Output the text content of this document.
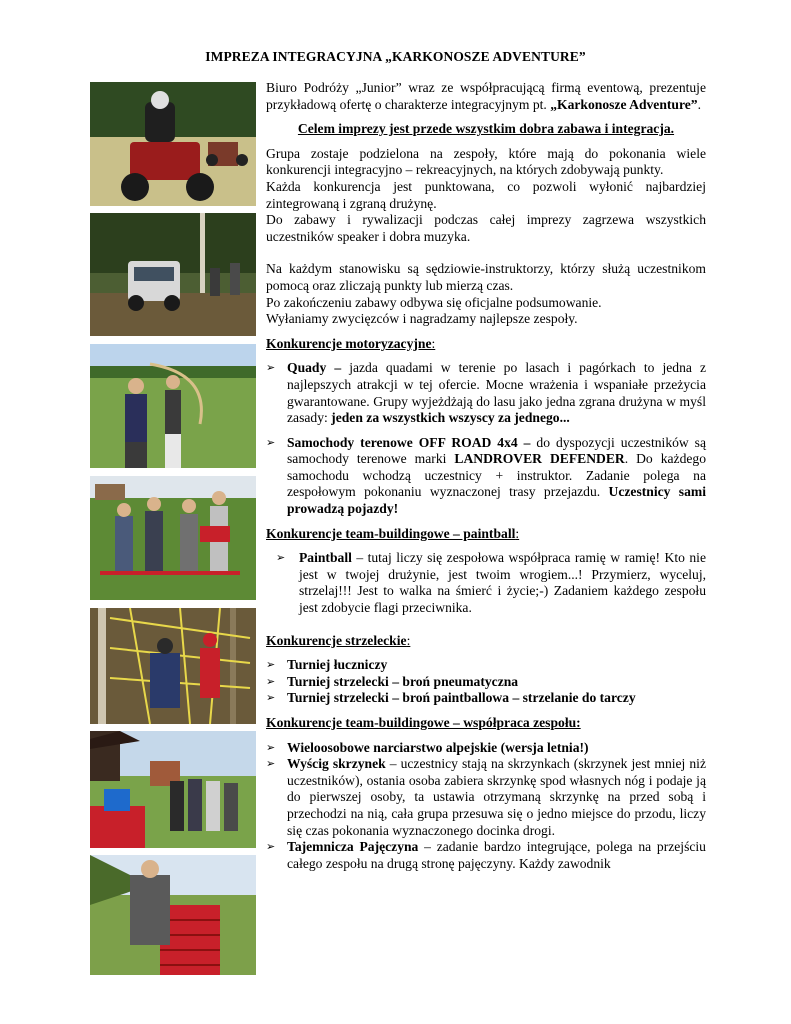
IMPREZA INTEGRACYJNA „KARKONOSZE ADVENTURE”

Biuro Podróży „Junior” wraz ze współpracującą firmą eventową, prezentuje przykładową ofertę o charakterze integracyjnym pt. „Karkonosze Adventure”.

Celem imprezy jest przede wszystkim dobra zabawa i integracja.

Grupa zostaje podzielona na zespoły, które mają do pokonania wiele konkurencji integracyjno – rekreacyjnych, na których zdobywają punkty.

Każda konkurencja jest punktowana, co pozwoli wyłonić najbardziej zintegrowaną i zgraną drużynę.

Do zabawy i rywalizacji podczas całej imprezy zagrzewa wszystkich uczestników speaker i dobra muzyka.

Na każdym stanowisku są sędziowie-instruktorzy, którzy służą uczestnikom pomocą oraz zliczają punkty lub mierzą czas.

Po zakończeniu zabawy odbywa się oficjalne podsumowanie.

Wyłaniamy zwycięzców i nagradzamy najlepsze zespoły.

Konkurencje motoryzacyjne:

➢ Quady – jazda quadami w terenie po lasach i pagórkach to jedna z najlepszych atrakcji w tej ofercie. Mocne wrażenia i wspaniałe przeżycia gwarantowane. Grupy wyjeżdżają do lasu jako jedna zgrana drużyna w myśl zasady: jeden za wszystkich wszyscy za jednego...
➢ Samochody terenowe OFF ROAD 4x4 – do dyspozycji uczestników są samochody terenowe marki LANDROVER DEFENDER. Do każdego samochodu wchodzą uczestnicy + instruktor. Zadanie polega na zespołowym pokonaniu wyznaczonej trasy przejazdu. Uczestnicy sami prowadzą pojazdy!

Konkurencje team-buildingowe – paintball:

➢ Paintball – tutaj liczy się zespołowa współpraca ramię w ramię! Kto nie jest w twojej drużynie, jest twoim wrogiem...! Przymierz, wyceluj, strzelaj!!! Jest to walka na śmierć i życie;-) Zadaniem każdego zespołu jest zdobycie flagi przeciwnika.

Konkurencje strzeleckie:

➢ Turniej łuczniczy
➢ Turniej strzelecki – broń pneumatyczna
➢ Turniej strzelecki – broń paintballowa – strzelanie do tarczy

Konkurencje team-buildingowe – współpraca zespołu:

➢ Wieloosobowe narciarstwo alpejskie (wersja letnia!)
➢ Wyścig skrzynek – uczestnicy stają na skrzynkach (skrzynek jest mniej niż uczestników), ostania osoba zabiera skrzynkę spod własnych nóg i podaje ją do pierwszej osoby, ta ustawia otrzymaną skrzynkę na przed sobą i przechodzi na nią, cała grupa przesuwa się o jedno miejsce do przodu, liczy się czas pokonania wyznaczonego docinka drogi.
➢ Tajemnicza Pajęczyna – zadanie bardzo integrujące, polega na przejściu całego zespołu na drugą stronę pajęczyny. Każdy zawodnik
